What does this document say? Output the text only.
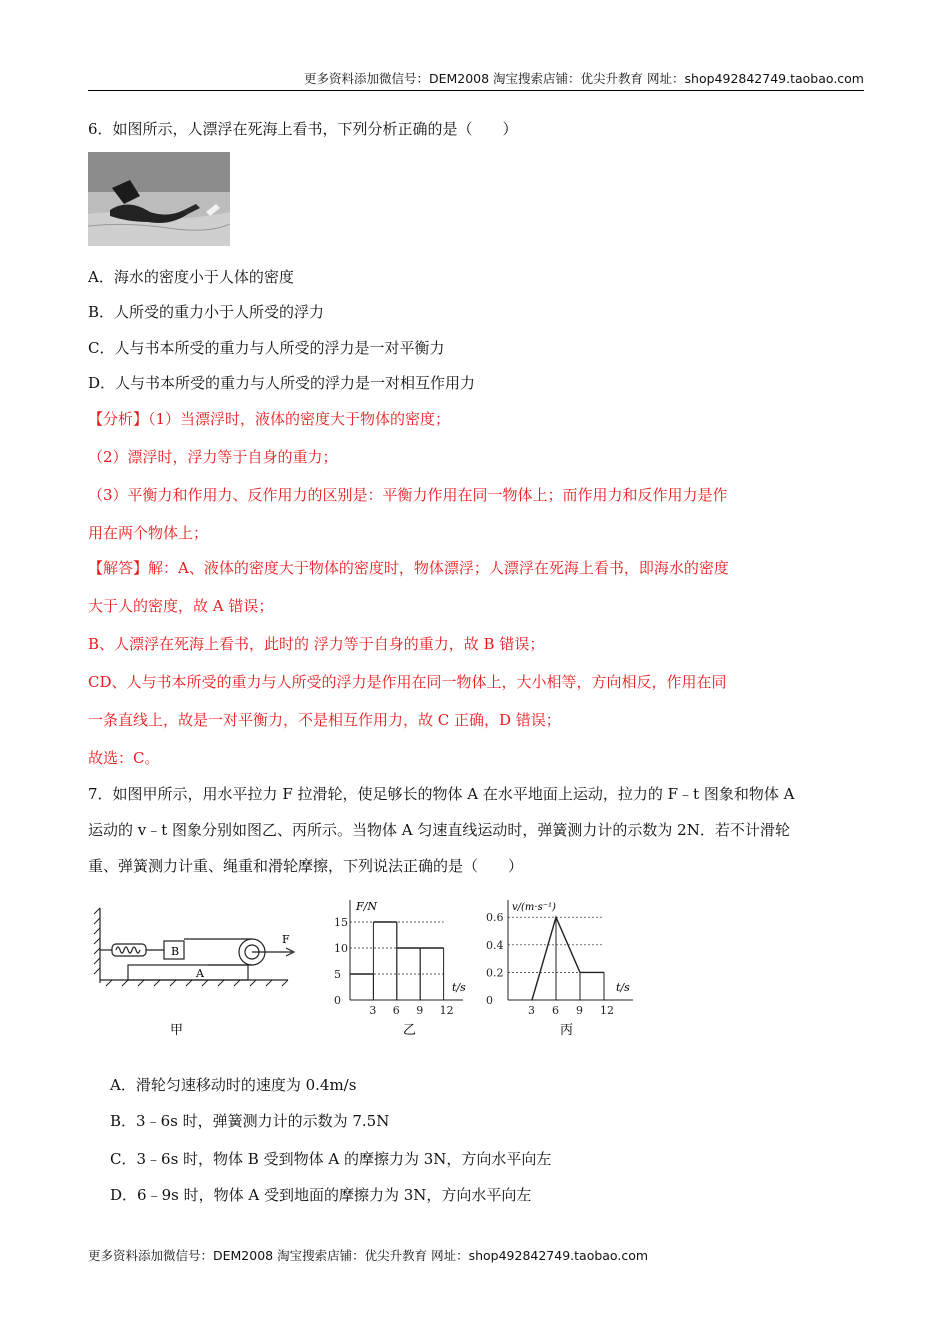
更多资料添加微信号：DEM2008 淘宝搜索店铺：优尖升教育 网址：shop492842749.taobao.com
6．如图所示，人漂浮在死海上看书，下列分析正确的是（　　）
A．海水的密度小于人体的密度
B．人所受的重力小于人所受的浮力
C．人与书本所受的重力与人所受的浮力是一对平衡力
D．人与书本所受的重力与人所受的浮力是一对相互作用力
【分析】（1）当漂浮时，液体的密度大于物体的密度；
（2）漂浮时，浮力等于自身的重力；
（3）平衡力和作用力、反作用力的区别是：平衡力作用在同一物体上；而作用力和反作用力是作
用在两个物体上；
【解答】解：A、液体的密度大于物体的密度时，物体漂浮；人漂浮在死海上看书，即海水的密度
大于人的密度，故 A 错误；
B、人漂浮在死海上看书，此时的 浮力等于自身的重力，故 B 错误；
CD、人与书本所受的重力与人所受的浮力是作用在同一物体上，大小相等，方向相反，作用在同
一条直线上，故是一对平衡力，不是相互作用力，故 C 正确，D 错误；
故选：C。
7．如图甲所示，用水平拉力 F 拉滑轮，使足够长的物体 A 在水平地面上运动，拉力的 F﹣t 图象和物体 A
运动的 v﹣t 图象分别如图乙、丙所示。当物体 A 匀速直线运动时，弹簧测力计的示数为 2N．若不计滑轮
重、弹簧测力计重、绳重和滑轮摩擦，下列说法正确的是（　　）
B
A
F
甲
F/N
t/s
乙
v/(m·s⁻¹)
t/s
丙
0
5
10
15
3 6 9 12
0
0.2
0.4
0.6
3 6 9 12
A．滑轮匀速移动时的速度为 0.4m/s
B．3﹣6s 时，弹簧测力计的示数为 7.5N
C．3﹣6s 时，物体 B 受到物体 A 的摩擦力为 3N，方向水平向左
D．6﹣9s 时，物体 A 受到地面的摩擦力为 3N，方向水平向左
更多资料添加微信号：DEM2008 淘宝搜索店铺：优尖升教育 网址：shop492842749.taobao.com
